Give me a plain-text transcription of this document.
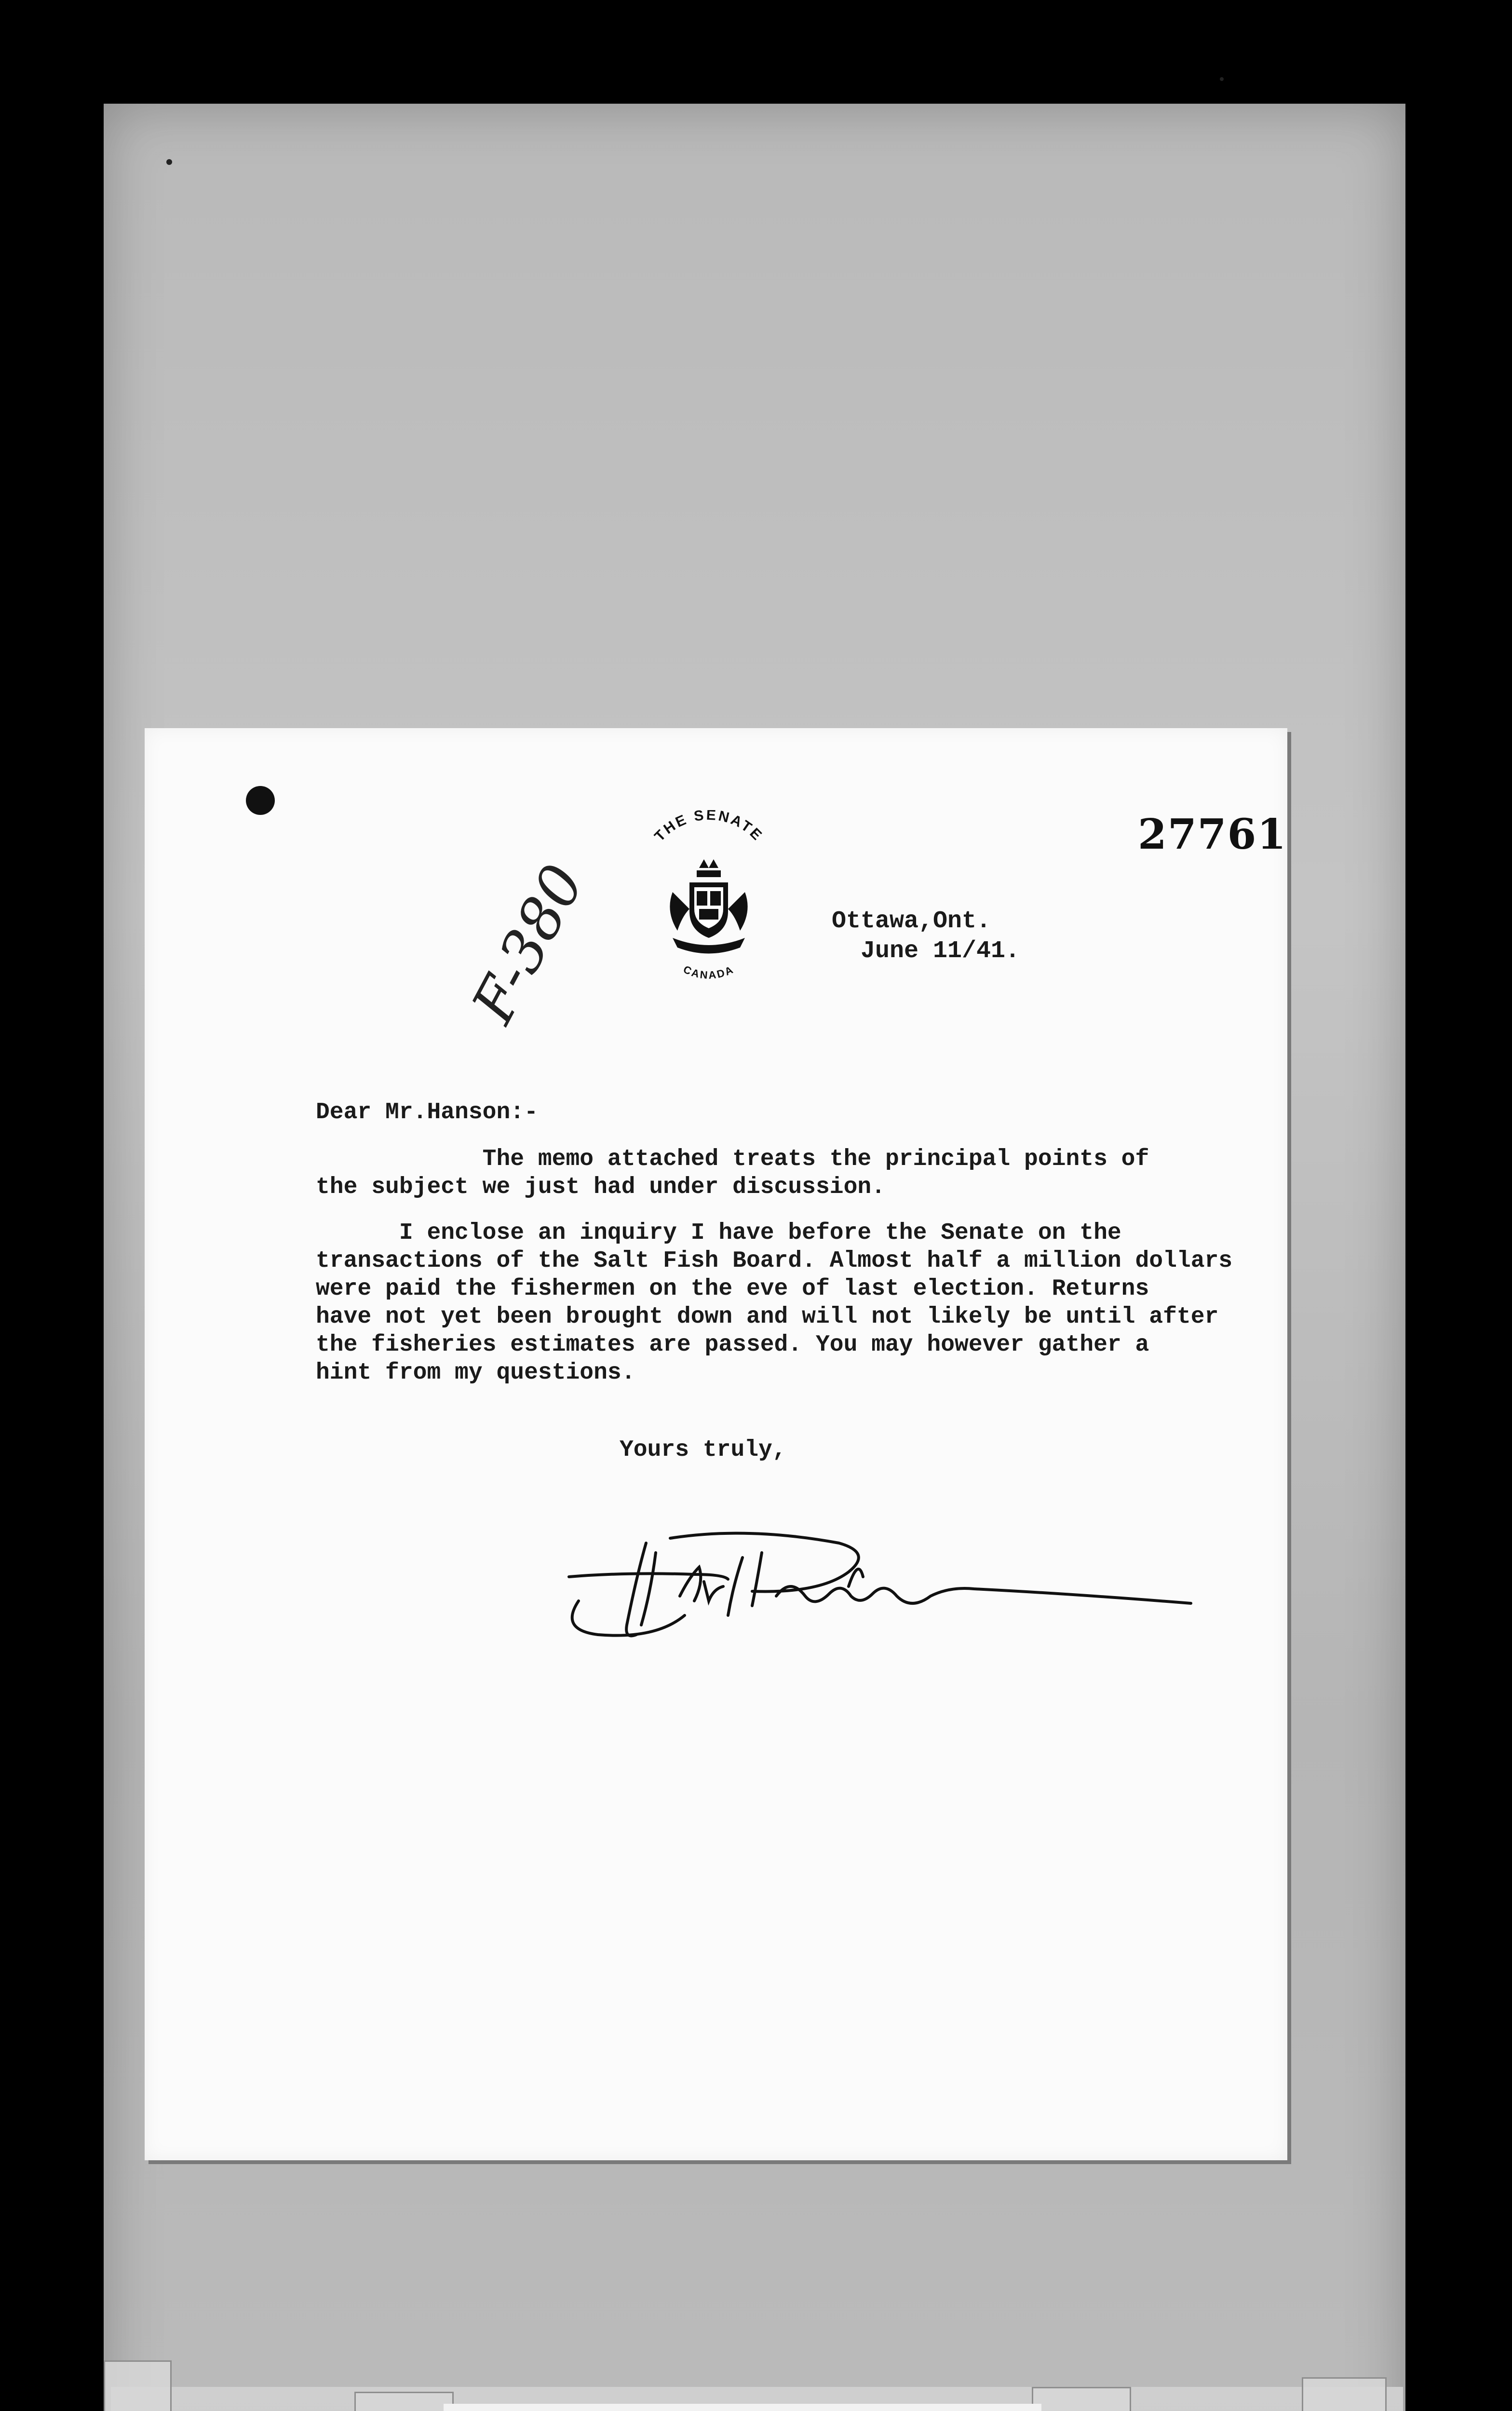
27761
THE SENATE
CANADA
Ottawa,Ont.
June 11/41.
F-380
Dear Mr.Hanson:-
The memo attached treats the principal points of
the subject we just had under discussion.
I enclose an inquiry I have before the Senate on the
transactions of the Salt Fish Board. Almost half a million dollars
were paid the fishermen on the eve of last election. Returns
have not yet been brought down and will not likely be until after
the fisheries estimates are passed. You may however gather a
hint from my questions.
Yours truly,
